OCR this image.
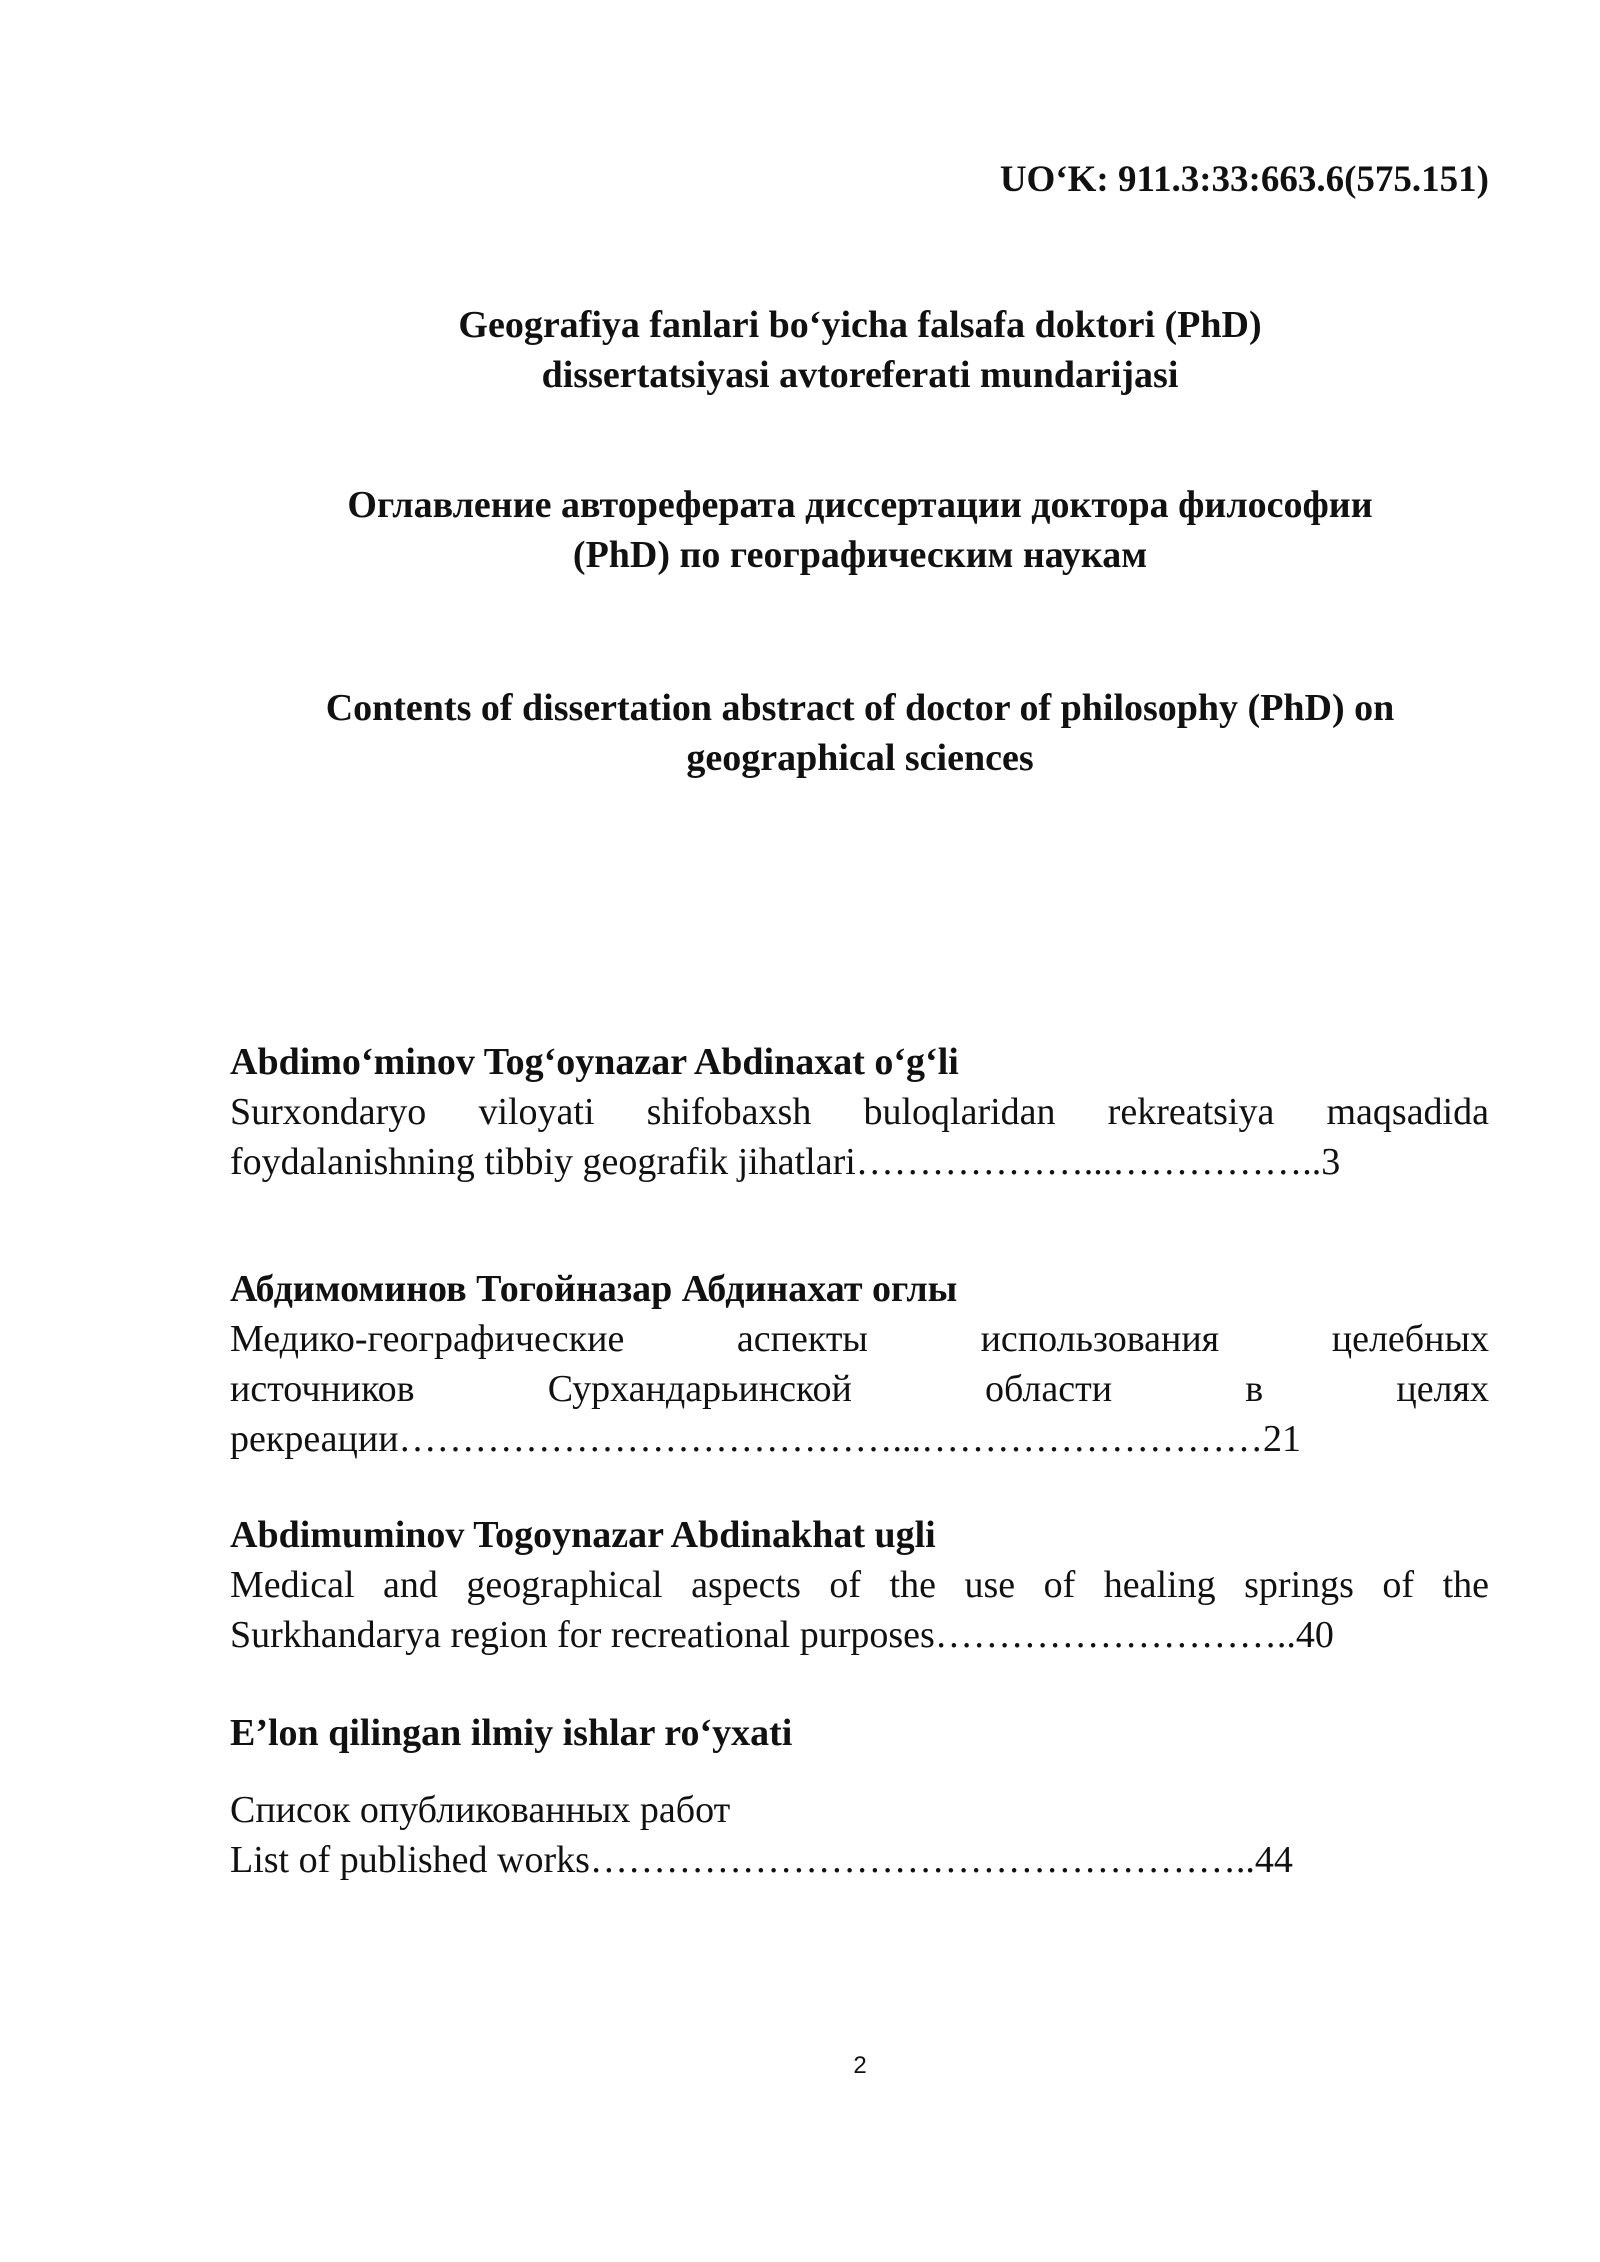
UO‘K: 911.3:33:663.6(575.151)
Geografiya fanlari bo‘yicha falsafa doktori (PhD)
dissertatsiyasi avtoreferati mundarijasi
Оглавление автореферата диссертации доктора философии
(PhD) по географическим наукам
Contents of dissertation abstract of doctor of philosophy (PhD) on
geographical sciences
Abdimo‘minov Tog‘oynazar Abdinaxat o‘g‘li
Surxondaryo viloyati shifobaxsh buloqlaridan rekreatsiya maqsadida
foydalanishning tibbiy geografik jihatlari………………...……………..3
Абдимоминов Тогойназар Абдинахат оглы
Медико-географические аспекты использования целебных
источников Сурхандарьинской области в целях
рекреации…………………………………...………………………21
Abdimuminov Togoynazar Abdinakhat ugli
Medical and geographical aspects of the use of healing springs of the
Surkhandarya region for recreational purposes………………………..40
E’lon qilingan ilmiy ishlar ro‘yxati
Список опубликованных работ
List of published works……………………………………………..44
2
